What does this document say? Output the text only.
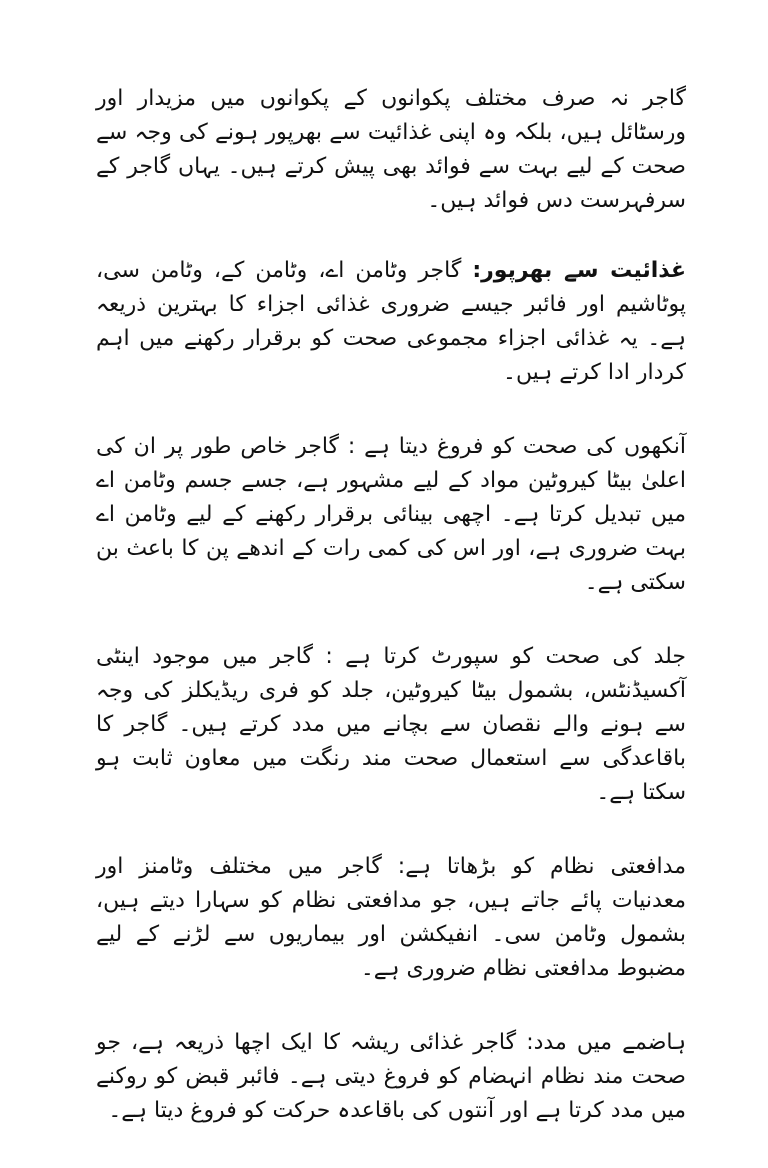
گاجر نہ صرف مختلف پکوانوں کے پکوانوں میں مزیدار اور ورسٹائل ہیں، بلکہ وہ اپنی غذائیت سے بھرپور ہونے کی وجہ سے صحت کے لیے بہت سے فوائد بھی پیش کرتے ہیں۔ یہاں گاجر کے سرفہرست دس فوائد ہیں۔

غذائیت سے بھرپور: گاجر وٹامن اے، وٹامن کے، وٹامن سی، پوٹاشیم اور فائبر جیسے ضروری غذائی اجزاء کا بہترین ذریعہ ہے۔ یہ غذائی اجزاء مجموعی صحت کو برقرار رکھنے میں اہم کردار ادا کرتے ہیں۔

آنکھوں کی صحت کو فروغ دیتا ہے : گاجر خاص طور پر ان کی اعلیٰ بیٹا کیروٹین مواد کے لیے مشہور ہے، جسے جسم وٹامن اے میں تبدیل کرتا ہے۔ اچھی بینائی برقرار رکھنے کے لیے وٹامن اے بہت ضروری ہے، اور اس کی کمی رات کے اندھے پن کا باعث بن سکتی ہے۔

جلد کی صحت کو سپورٹ کرتا ہے : گاجر میں موجود اینٹی آکسیڈنٹس، بشمول بیٹا کیروٹین، جلد کو فری ریڈیکلز کی وجہ سے ہونے والے نقصان سے بچانے میں مدد کرتے ہیں۔ گاجر کا باقاعدگی سے استعمال صحت مند رنگت میں معاون ثابت ہو سکتا ہے۔

مدافعتی نظام کو بڑھاتا ہے: گاجر میں مختلف وٹامنز اور معدنیات پائے جاتے ہیں، جو مدافعتی نظام کو سہارا دیتے ہیں، بشمول وٹامن سی۔ انفیکشن اور بیماریوں سے لڑنے کے لیے مضبوط مدافعتی نظام ضروری ہے۔

ہاضمے میں مدد: گاجر غذائی ریشہ کا ایک اچھا ذریعہ ہے، جو صحت مند نظام انہضام کو فروغ دیتی ہے۔ فائبر قبض کو روکنے میں مدد کرتا ہے اور آنتوں کی باقاعدہ حرکت کو فروغ دیتا ہے۔
